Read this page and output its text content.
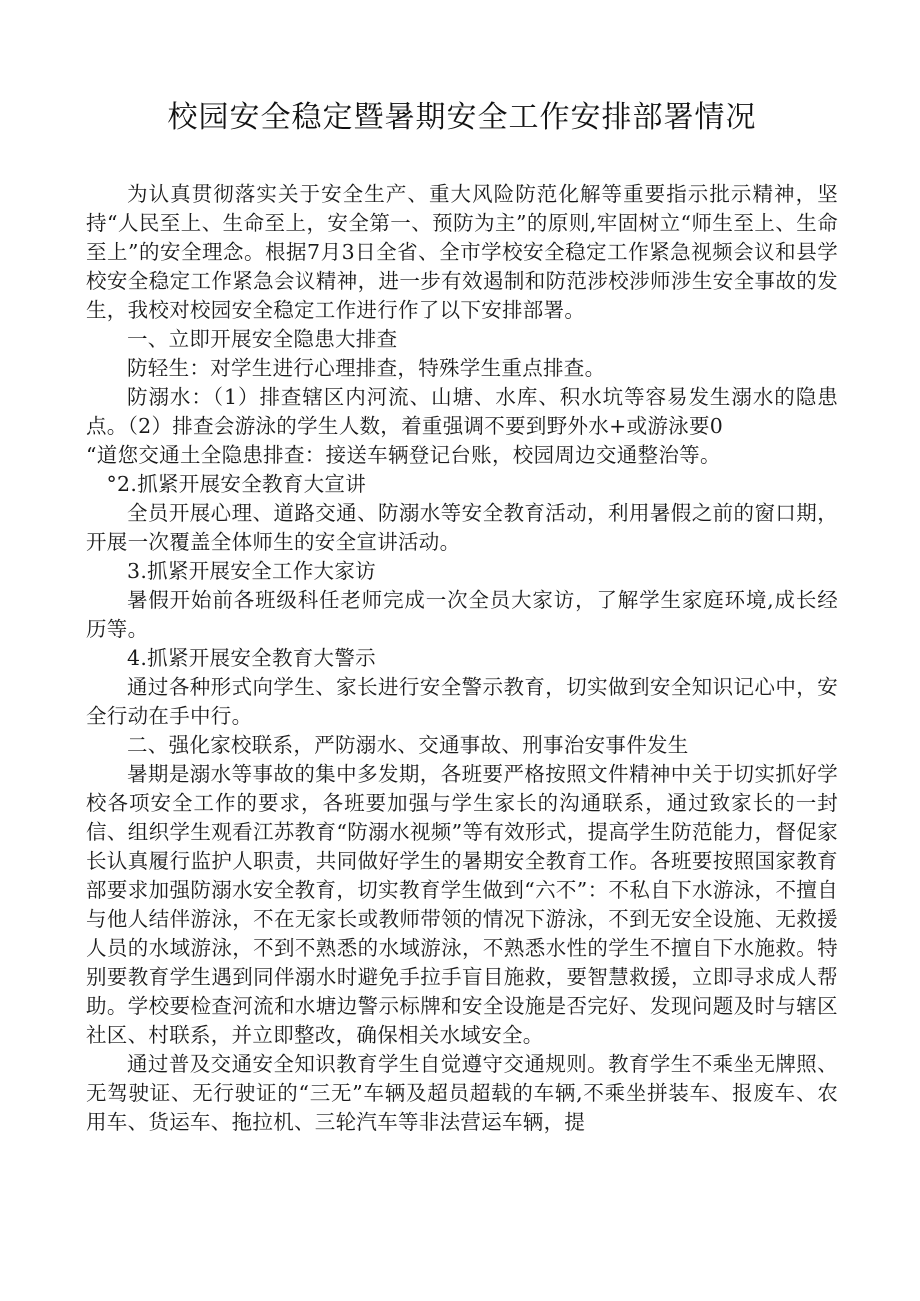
校园安全稳定暨暑期安全工作安排部署情况

为认真贯彻落实关于安全生产、重大风险防范化解等重要指示批示精神，坚持“人民至上、生命至上，安全第一、预防为主”的原则,牢固树立“师生至上、生命至上”的安全理念。根据7月3日全省、全市学校安全稳定工作紧急视频会议和县学校安全稳定工作紧急会议精神，进一步有效遏制和防范涉校涉师涉生安全事故的发生，我校对校园安全稳定工作进行作了以下安排部署。

一、立即开展安全隐患大排查

防轻生：对学生进行心理排查，特殊学生重点排查。

防溺水：（1）排查辖区内河流、山塘、水库、积水坑等容易发生溺水的隐患点。（2）排查会游泳的学生人数，着重强调不要到野外水+或游泳要0

“道您交通土全隐患排查：接送车辆登记台账，校园周边交通整治等。

°2.抓紧开展安全教育大宣讲

全员开展心理、道路交通、防溺水等安全教育活动，利用暑假之前的窗口期，开展一次覆盖全体师生的安全宣讲活动。

3.抓紧开展安全工作大家访

暑假开始前各班级科任老师完成一次全员大家访，了解学生家庭环境,成长经历等。

4.抓紧开展安全教育大警示

通过各种形式向学生、家长进行安全警示教育，切实做到安全知识记心中，安全行动在手中行。

二、强化家校联系，严防溺水、交通事故、刑事治安事件发生

暑期是溺水等事故的集中多发期，各班要严格按照文件精神中关于切实抓好学校各项安全工作的要求，各班要加强与学生家长的沟通联系，通过致家长的一封信、组织学生观看江苏教育“防溺水视频”等有效形式，提高学生防范能力，督促家长认真履行监护人职责，共同做好学生的暑期安全教育工作。各班要按照国家教育部要求加强防溺水安全教育，切实教育学生做到“六不”：不私自下水游泳，不擅自与他人结伴游泳，不在无家长或教师带领的情况下游泳，不到无安全设施、无救援人员的水域游泳，不到不熟悉的水域游泳，不熟悉水性的学生不擅自下水施救。特别要教育学生遇到同伴溺水时避免手拉手盲目施救，要智慧救援，立即寻求成人帮助。学校要检查河流和水塘边警示标牌和安全设施是否完好、发现问题及时与辖区社区、村联系，并立即整改，确保相关水域安全。

通过普及交通安全知识教育学生自觉遵守交通规则。教育学生不乘坐无牌照、无驾驶证、无行驶证的“三无”车辆及超员超载的车辆,不乘坐拼装车、报废车、农用车、货运车、拖拉机、三轮汽车等非法营运车辆，提
